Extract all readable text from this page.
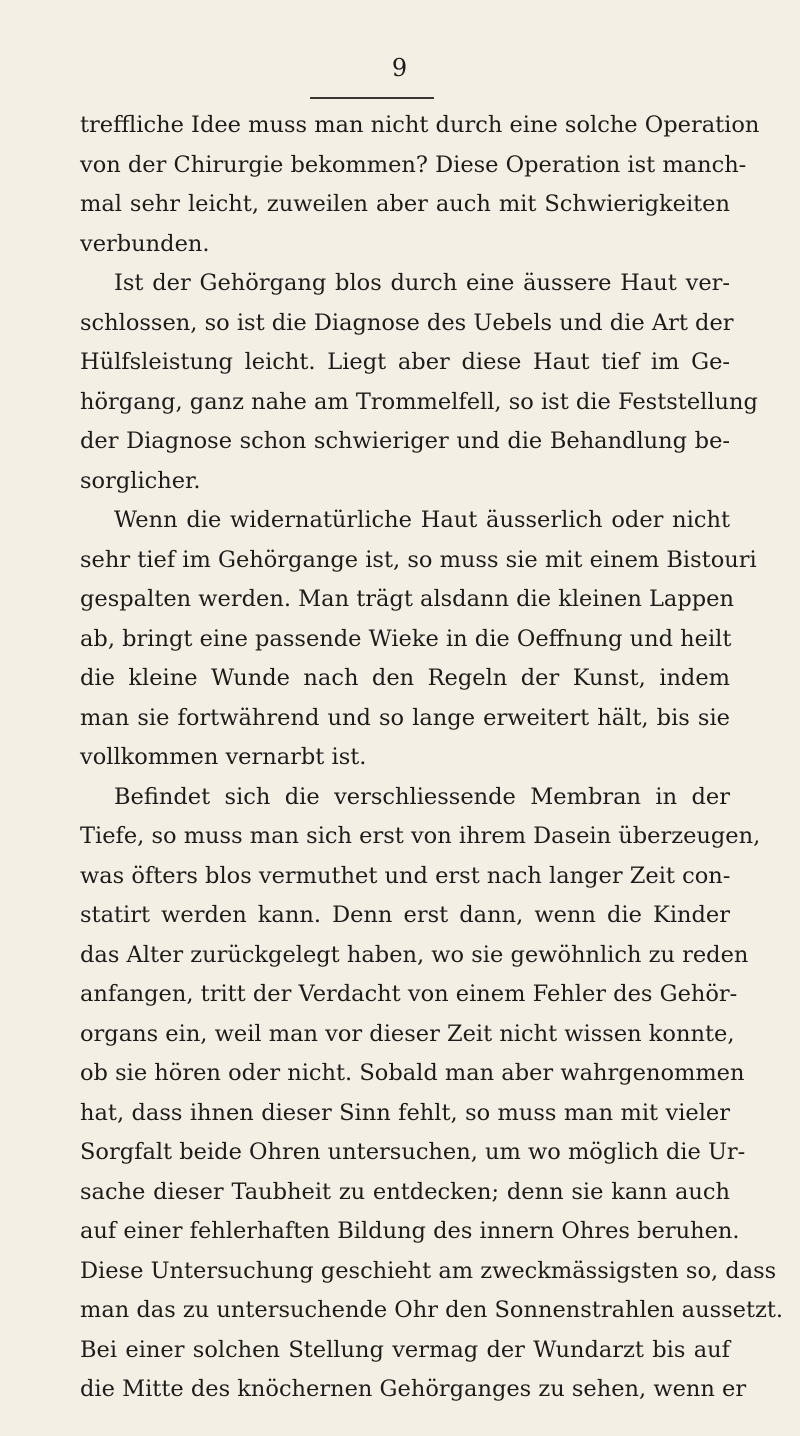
9
treffliche Idee muss man nicht durch eine solche Operation
von der Chirurgie bekommen? Diese Operation ist manch-
mal sehr leicht, zuweilen aber auch mit Schwierigkeiten
verbunden.
Ist der Gehörgang blos durch eine äussere Haut ver-
schlossen, so ist die Diagnose des Uebels und die Art der
Hülfsleistung leicht. Liegt aber diese Haut tief im Ge-
hörgang, ganz nahe am Trommelfell, so ist die Feststellung
der Diagnose schon schwieriger und die Behandlung be-
sorglicher.
Wenn die widernatürliche Haut äusserlich oder nicht
sehr tief im Gehörgange ist, so muss sie mit einem Bistouri
gespalten werden. Man trägt alsdann die kleinen Lappen
ab, bringt eine passende Wieke in die Oeffnung und heilt
die kleine Wunde nach den Regeln der Kunst, indem
man sie fortwährend und so lange erweitert hält, bis sie
vollkommen vernarbt ist.
Befindet sich die verschliessende Membran in der
Tiefe, so muss man sich erst von ihrem Dasein überzeugen,
was öfters blos vermuthet und erst nach langer Zeit con-
statirt werden kann. Denn erst dann, wenn die Kinder
das Alter zurückgelegt haben, wo sie gewöhnlich zu reden
anfangen, tritt der Verdacht von einem Fehler des Gehör-
organs ein, weil man vor dieser Zeit nicht wissen konnte,
ob sie hören oder nicht. Sobald man aber wahrgenommen
hat, dass ihnen dieser Sinn fehlt, so muss man mit vieler
Sorgfalt beide Ohren untersuchen, um wo möglich die Ur-
sache dieser Taubheit zu entdecken; denn sie kann auch
auf einer fehlerhaften Bildung des innern Ohres beruhen.
Diese Untersuchung geschieht am zweckmässigsten so, dass
man das zu untersuchende Ohr den Sonnenstrahlen aussetzt.
Bei einer solchen Stellung vermag der Wundarzt bis auf
die Mitte des knöchernen Gehörganges zu sehen, wenn er
